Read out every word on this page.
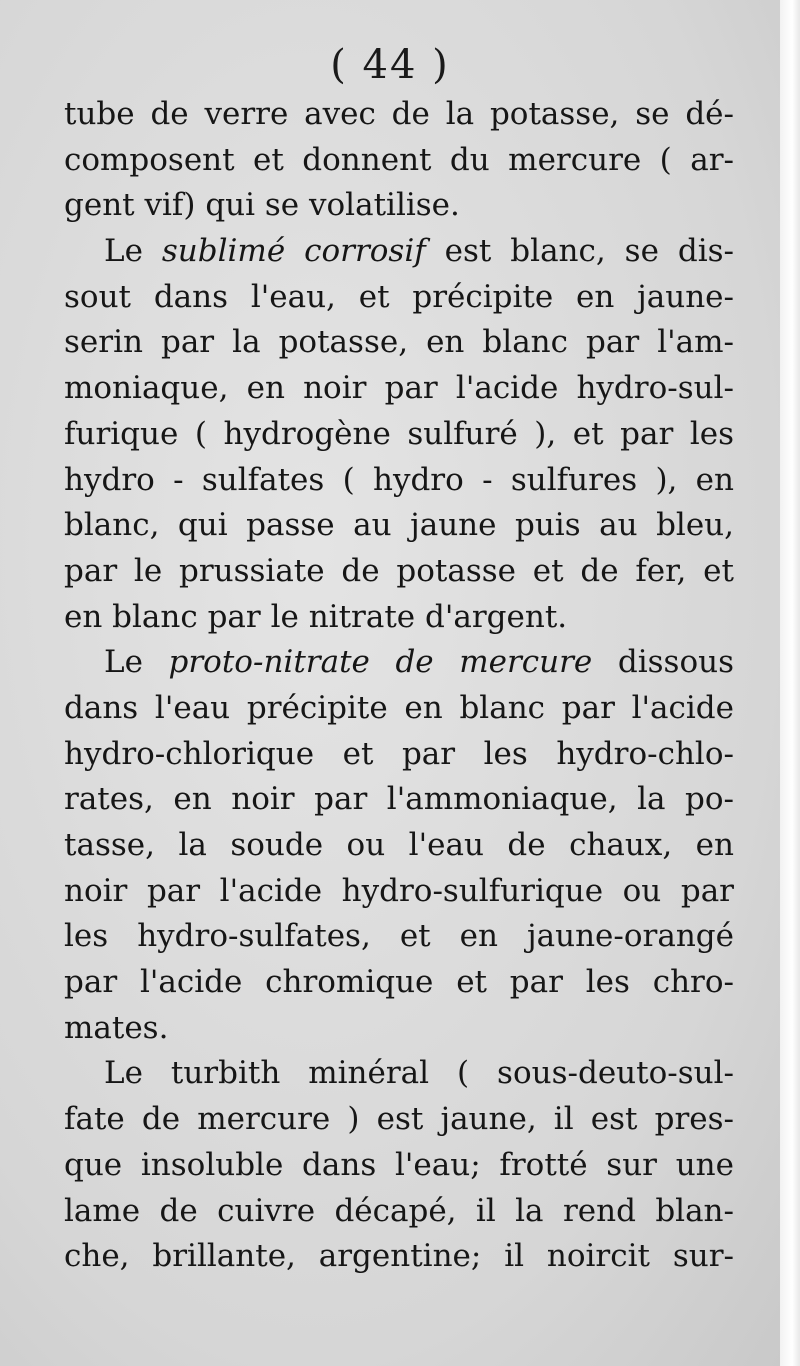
( 44 )
tube de verre avec de la potasse, se dé-
composent et donnent du mercure ( ar-
gent vif) qui se volatilise.
Le sublimé corrosif est blanc, se dis-
sout dans l'eau, et précipite en jaune-
serin par la potasse, en blanc par l'am-
moniaque, en noir par l'acide hydro-sul-
furique ( hydrogène sulfuré ), et par les
hydro - sulfates ( hydro - sulfures ), en
blanc, qui passe au jaune puis au bleu,
par le prussiate de potasse et de fer, et
en blanc par le nitrate d'argent.
Le proto-nitrate de mercure dissous
dans l'eau précipite en blanc par l'acide
hydro-chlorique et par les hydro-chlo-
rates, en noir par l'ammoniaque, la po-
tasse, la soude ou l'eau de chaux, en
noir par l'acide hydro-sulfurique ou par
les hydro-sulfates, et en jaune-orangé
par l'acide chromique et par les chro-
mates.
Le turbith minéral ( sous-deuto-sul-
fate de mercure ) est jaune, il est pres-
que insoluble dans l'eau; frotté sur une
lame de cuivre décapé, il la rend blan-
che, brillante, argentine; il noircit sur-
